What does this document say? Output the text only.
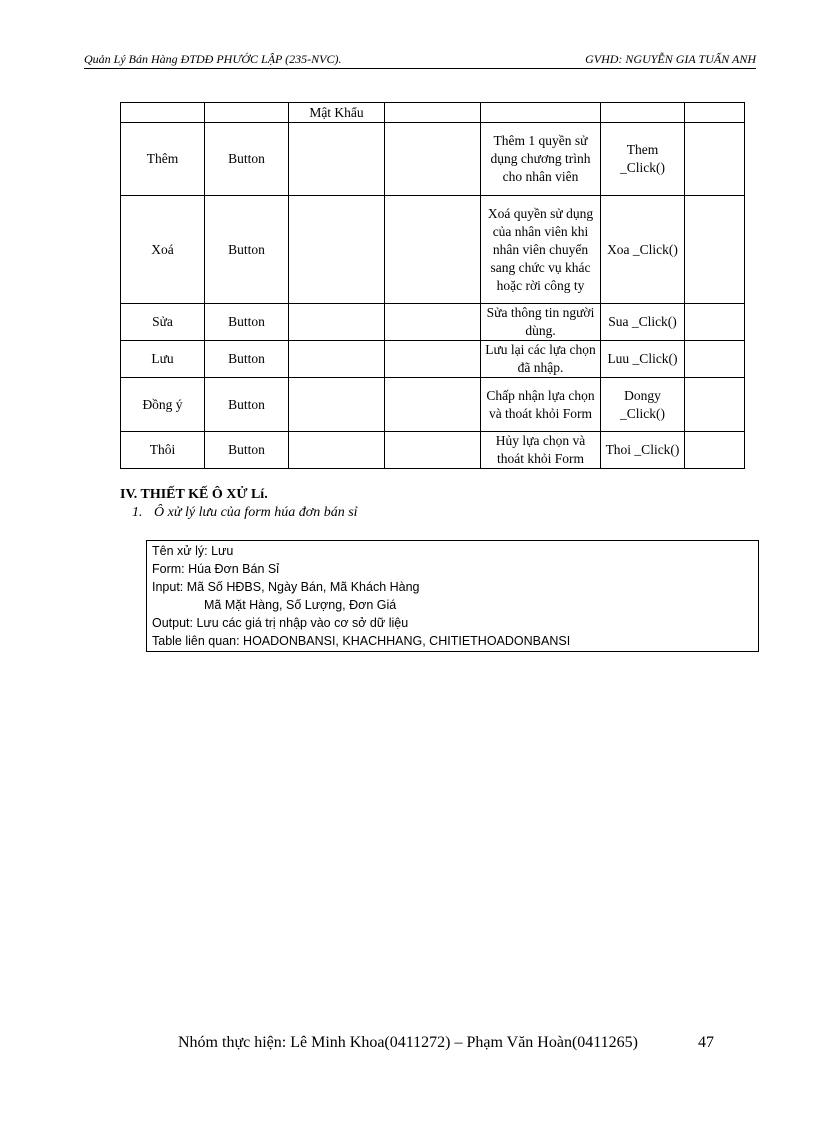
Quản Lý Bán Hàng ĐTDĐ PHƯỚC LẬP (235-NVC).	GVHD: NGUYỄN GIA TUẤN ANH
		Mật Khẩu				
Thêm	Button			Thêm 1 quyền sử dụng chương trình cho nhân viên	Them _Click()	
Xoá	Button			Xoá quyền sử dụng của nhân viên khi nhân viên chuyển sang chức vụ khác hoặc rời công ty	Xoa _Click()	
Sửa	Button			Sửa thông tin người dùng.	Sua _Click()	
Lưu	Button			Lưu lại các lựa chọn đã nhập.	Luu _Click()	
Đồng ý	Button			Chấp nhận lựa chọn và thoát khỏi Form	Dongy _Click()	
Thôi	Button			Hủy lựa chọn và thoát khỏi Form	Thoi _Click()	
IV. THIẾT KẾ Ô XỬ Lí.
1. Ô xử lý lưu của form húa đơn bán sỉ
Tên xử lý: Lưu
Form: Húa Đơn Bán Sỉ
Input: Mã Số HĐBS, Ngày Bán, Mã Khách Hàng
Mã Mặt Hàng, Số Lượng, Đơn Giá
Output: Lưu các giá trị nhập vào cơ sở dữ liệu
Table liên quan: HOADONBANSI, KHACHHANG, CHITIETHOADONBANSI
Nhóm thực hiện: Lê Minh Khoa(0411272) – Phạm Văn Hoàn(0411265)	47
